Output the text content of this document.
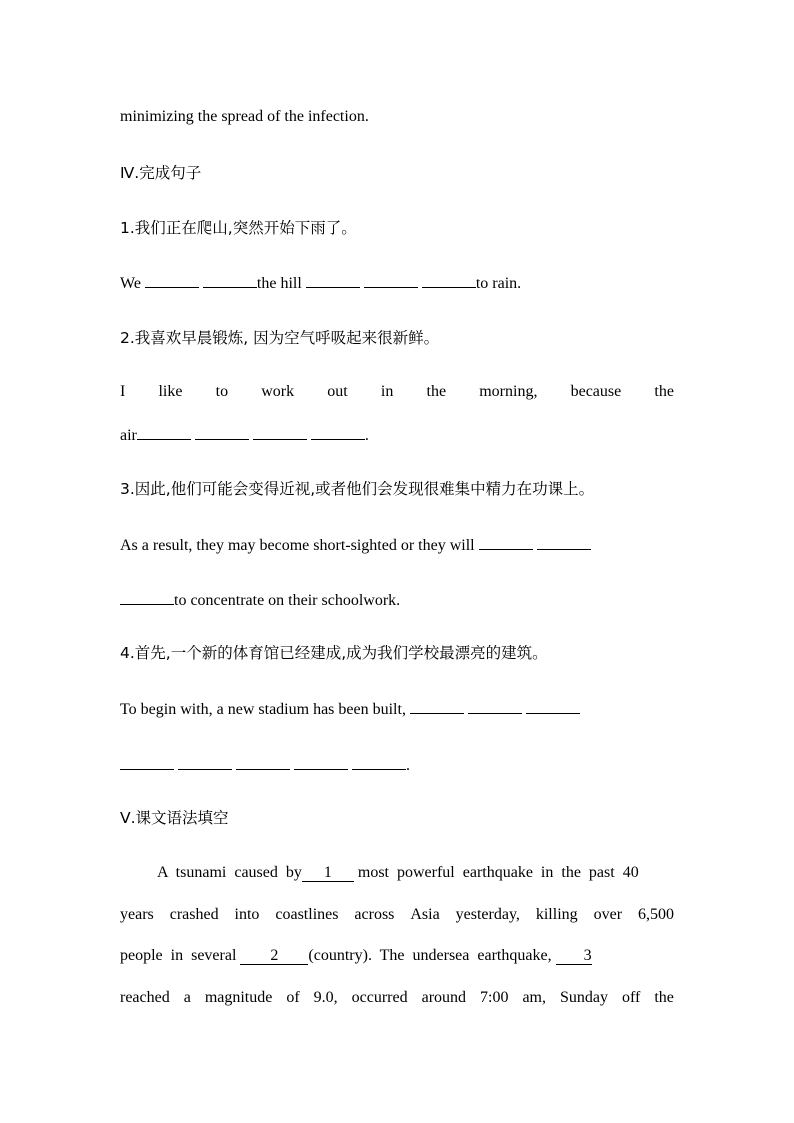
minimizing the spread of the infection.
Ⅳ.完成句子
1.我们正在爬山,突然开始下雨了。
We	the hill	to rain.
2.我喜欢早晨锻炼, 因为空气呼吸起来很新鲜。
I like to work out in the morning, because the
air	.
3.因此,他们可能会变得近视,或者他们会发现很难集中精力在功课上。
As a result, they may become short-sighted or they will
to concentrate on their schoolwork.
4.首先,一个新的体育馆已经建成,成为我们学校最漂亮的建筑。
To begin with, a new stadium has been built,
.
Ⅴ.课文语法填空
A  tsunami  caused  by 1 most  powerful  earthquake  in  the  past  40
years crashed into coastlines across Asia yesterday, killing over 6,500
people  in  several 2 (country).  The  undersea  earthquake, 3
reached a magnitude of 9.0, occurred around 7:00 am, Sunday off the
